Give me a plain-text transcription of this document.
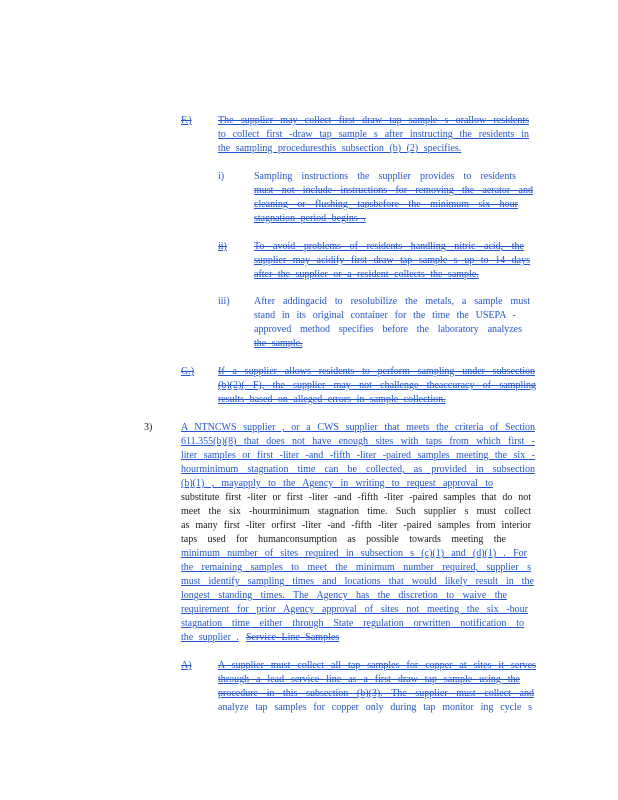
F.)	The supplier may collect first draw tap sample s orallow residents
to collect first -draw tap sample s after instructing the residents in
the sampling proceduresthis subsection (b) (2) specifies.
i)	Sampling instructions the supplier provides to residents
must not include instructions for removing the aerator and
cleaning or flushing tapsbefore the minimum six hour
stagnation period begins .
ii)	To avoid problems of residents handling nitric acid, the
supplier may acidify first draw tap sample s up to 14 days
after the supplier or a resident collects the sample.
iii) After addingacid to resolubilize the metals, a sample must
stand in its original container for the time the USEPA -
approved method specifies before the laboratory analyzes
the sample.
G.) If a supplier allows residents to perform sampling under subsection
(b)(2)( F), the supplier may not challenge theaccuracy of sampling
results based on alleged errors in sample collection.
3)	A NTNCWS supplier , or a CWS supplier that meets the criteria of Section
611.355(b)(8) that does not have enough sites with taps from which first -
liter samples or first -liter -and -fifth -liter -paired samples meeting the six -
hourminimum stagnation time can be collected, as provided in subsection
(b)(1) , mayapply to the Agency in writing to request approval to
substitute first -liter or first -liter -and -fifth -liter -paired samples that do not
meet the six -hourminimum stagnation time. Such supplier s must collect
as many first -liter orfirst -liter -and -fifth -liter -paired samples from interior
taps used for humanconsumption as possible towards meeting the
minimum number of sites required in subsection s (c)(1) and (d)(1) . For
the remaining samples to meet the minimum number required, supplier s
must identify sampling times and locations that would likely result in the
longest standing times. The Agency has the discretion to waive the
requirement for prior Agency approval of sites not meeting the six -hour
stagnation time either through State regulation orwritten notification to
the supplier . Service Line Samples
A)	A supplier must collect all tap samples for copper at sites it serves
through a lead service line as a first draw tap sample using the
procedure in this subsection (b)(3). The supplier must collect and
analyze tap samples for copper only during tap monitor ing cycle s
